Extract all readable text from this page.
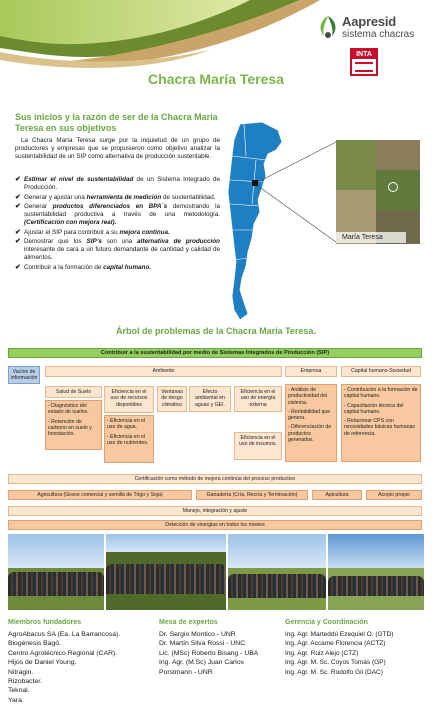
Aapresid
sistema chacras
INTA
Chacra María Teresa
Sus inicios y la razón de ser de la Chacra María Teresa en sus objetivos

La Chacra María Teresa surge por la inquietud de un grupo de productores y empresas que se propusieron como objetivo analizar la sustentabilidad de un SIP como alternativa de producción sustentable.

✔ Estimar el nivel de sustentabilidad de un Sistema Integrado de Producción.
✔ Generar y ajustar una herramienta de medición de sustentabilidad.
✔ Generar productos diferenciados en BPA´s demostrando la sustentabilidad productiva a través de una metodología. (Certificación con mejora real).
✔ Ajustar el SIP para contribuir a su mejora continua.
✔ Demostrar que los SIP’s son una alternativa de producción interesante de cara a un futuro demandante de cantidad y calidad de alimentos.
✔ Contribuir a la formación de capital humano.
María Teresa
Árbol de problemas de la Chacra María Teresa.
Contribuir a la sustentabilidad por medio de Sistemas Integrados de Producción (SIP)
Vacíos de información
Ambiente	Empresa	Capital humano-Sociedad
Salud de Suelo
- Diagnóstico del estado de suelos.
- Retención de carbono en suelo y forestación.
Eficiencia en el uso de recursos disponibles
- Eficiencia en el uso de agua.
- Eficiencia en el uso de nutrientes.
Ventanas de riesgo climático
Efecto ambiental en aguas y GEI.
Eficiencia en el uso de energía externa
Eficiencia en el uso de insumos.
- Análisis de productividad del sistema.
- Rentabilidad que genera.
- Diferenciación de productos generados.
- Contribución a la formación de capital humano.
- Capacitación técnica del capital humano.
- Relacionar CPS con necesidades básicas humanas de referencia.
Certificación como método de mejora continúa del proceso productivo
Agricultura (Grano comercial y semilla de Trigo y Soja)	Ganadería (Cría, Recría y Terminación)	Apicultura	Acopio propio
Manejo, integración y ajuste
Detección de sinergias en todos los niveles
Miembros fundadores
AgroAbacus SA (Ea. La Barrancosa).
Biogénesis Bagó.
Centro Agrotécnico Regional (CAR).
Hijos de Daniel Young.
Nitragin.
Rizobacter.
Teknal.
Yara.
Mesa de expertos
Dr. Sergio Montico - UNR
Dr. Martín Silva Rossi - UNC
Lic. (MSc) Roberto Bisang - UBA
Ing. Agr. (M.Sc) Juan Carlos
Porstmann - UNR
Gerencia y Coordinación
Ing. Agr. Marteddú Ezequiel O. (GTD)
Ing. Agr. Accame Florencia (ACTZ)
Ing. Agr. Ruiz Alejo (CTZ)
Ing. Agr. M. Sc. Coyos Tomás (GP)
Ing. Agr. M. Sc. Rodolfo Gil (DAC)
